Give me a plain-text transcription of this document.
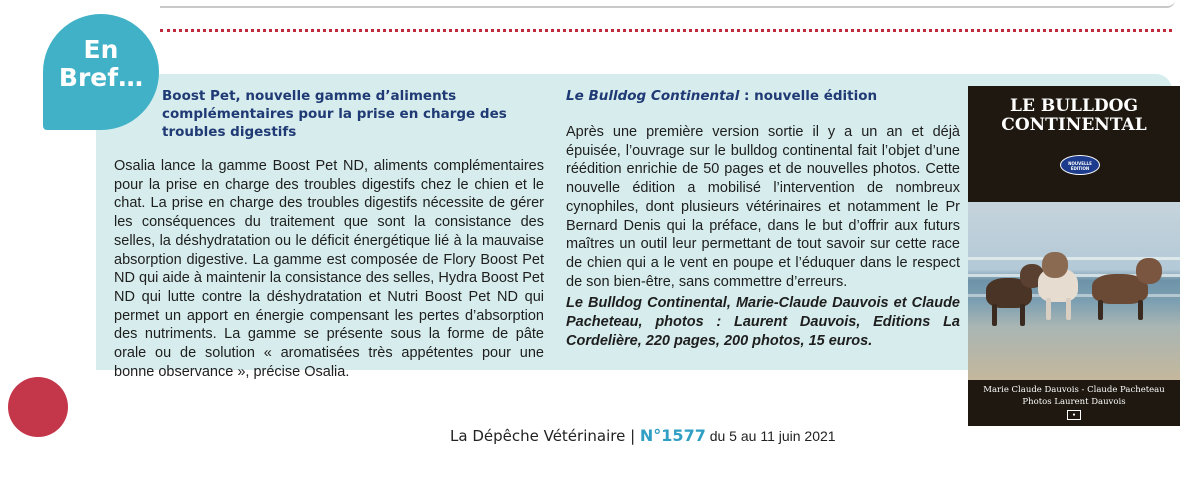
En
Bref…
Boost Pet, nouvelle gamme d’aliments complémentaires pour la prise en charge des troubles digestifs

Osalia lance la gamme Boost Pet ND, aliments complémentaires pour la prise en charge des troubles digestifs chez le chien et le chat. La prise en charge des troubles digestifs nécessite de gérer les conséquences du traitement que sont la consistance des selles, la déshydratation ou le déficit énergétique lié à la mauvaise absorption digestive. La gamme est composée de Flory Boost Pet ND qui aide à maintenir la consistance des selles, Hydra Boost Pet ND qui lutte contre la déshydratation et Nutri Boost Pet ND qui permet un apport en énergie compensant les pertes d’absorption des nutriments. La gamme se présente sous la forme de pâte orale ou de solution « aromatisées très appétentes pour une bonne observance », précise Osalia.

Le Bulldog Continental : nouvelle édition

Après une première version sortie il y a un an et déjà épuisée, l’ouvrage sur le bulldog continental fait l’objet d’une réédition enrichie de 50 pages et de nouvelles photos. Cette nouvelle édition a mobilisé l’intervention de nombreux cynophiles, dont plusieurs vétérinaires et notamment le Pr Bernard Denis qui la préface, dans le but d’offrir aux futurs maîtres un outil leur permettant de tout savoir sur cette race de chien qui a le vent en poupe et l’éduquer dans le respect de son bien-être, sans commettre d’erreurs.

Le Bulldog Continental, Marie-Claude Dauvois et Claude Pacheteau, photos : Laurent Dauvois, Editions La Cordelière, 220 pages, 200 photos, 15 euros.

LE BULLDOG
CONTINENTAL
NOUVELLE
ÉDITION
Marie Claude Dauvois - Claude Pacheteau
Photos Laurent Dauvois
●
20
La Dépêche Vétérinaire | N°1577 du 5 au 11 juin 2021
